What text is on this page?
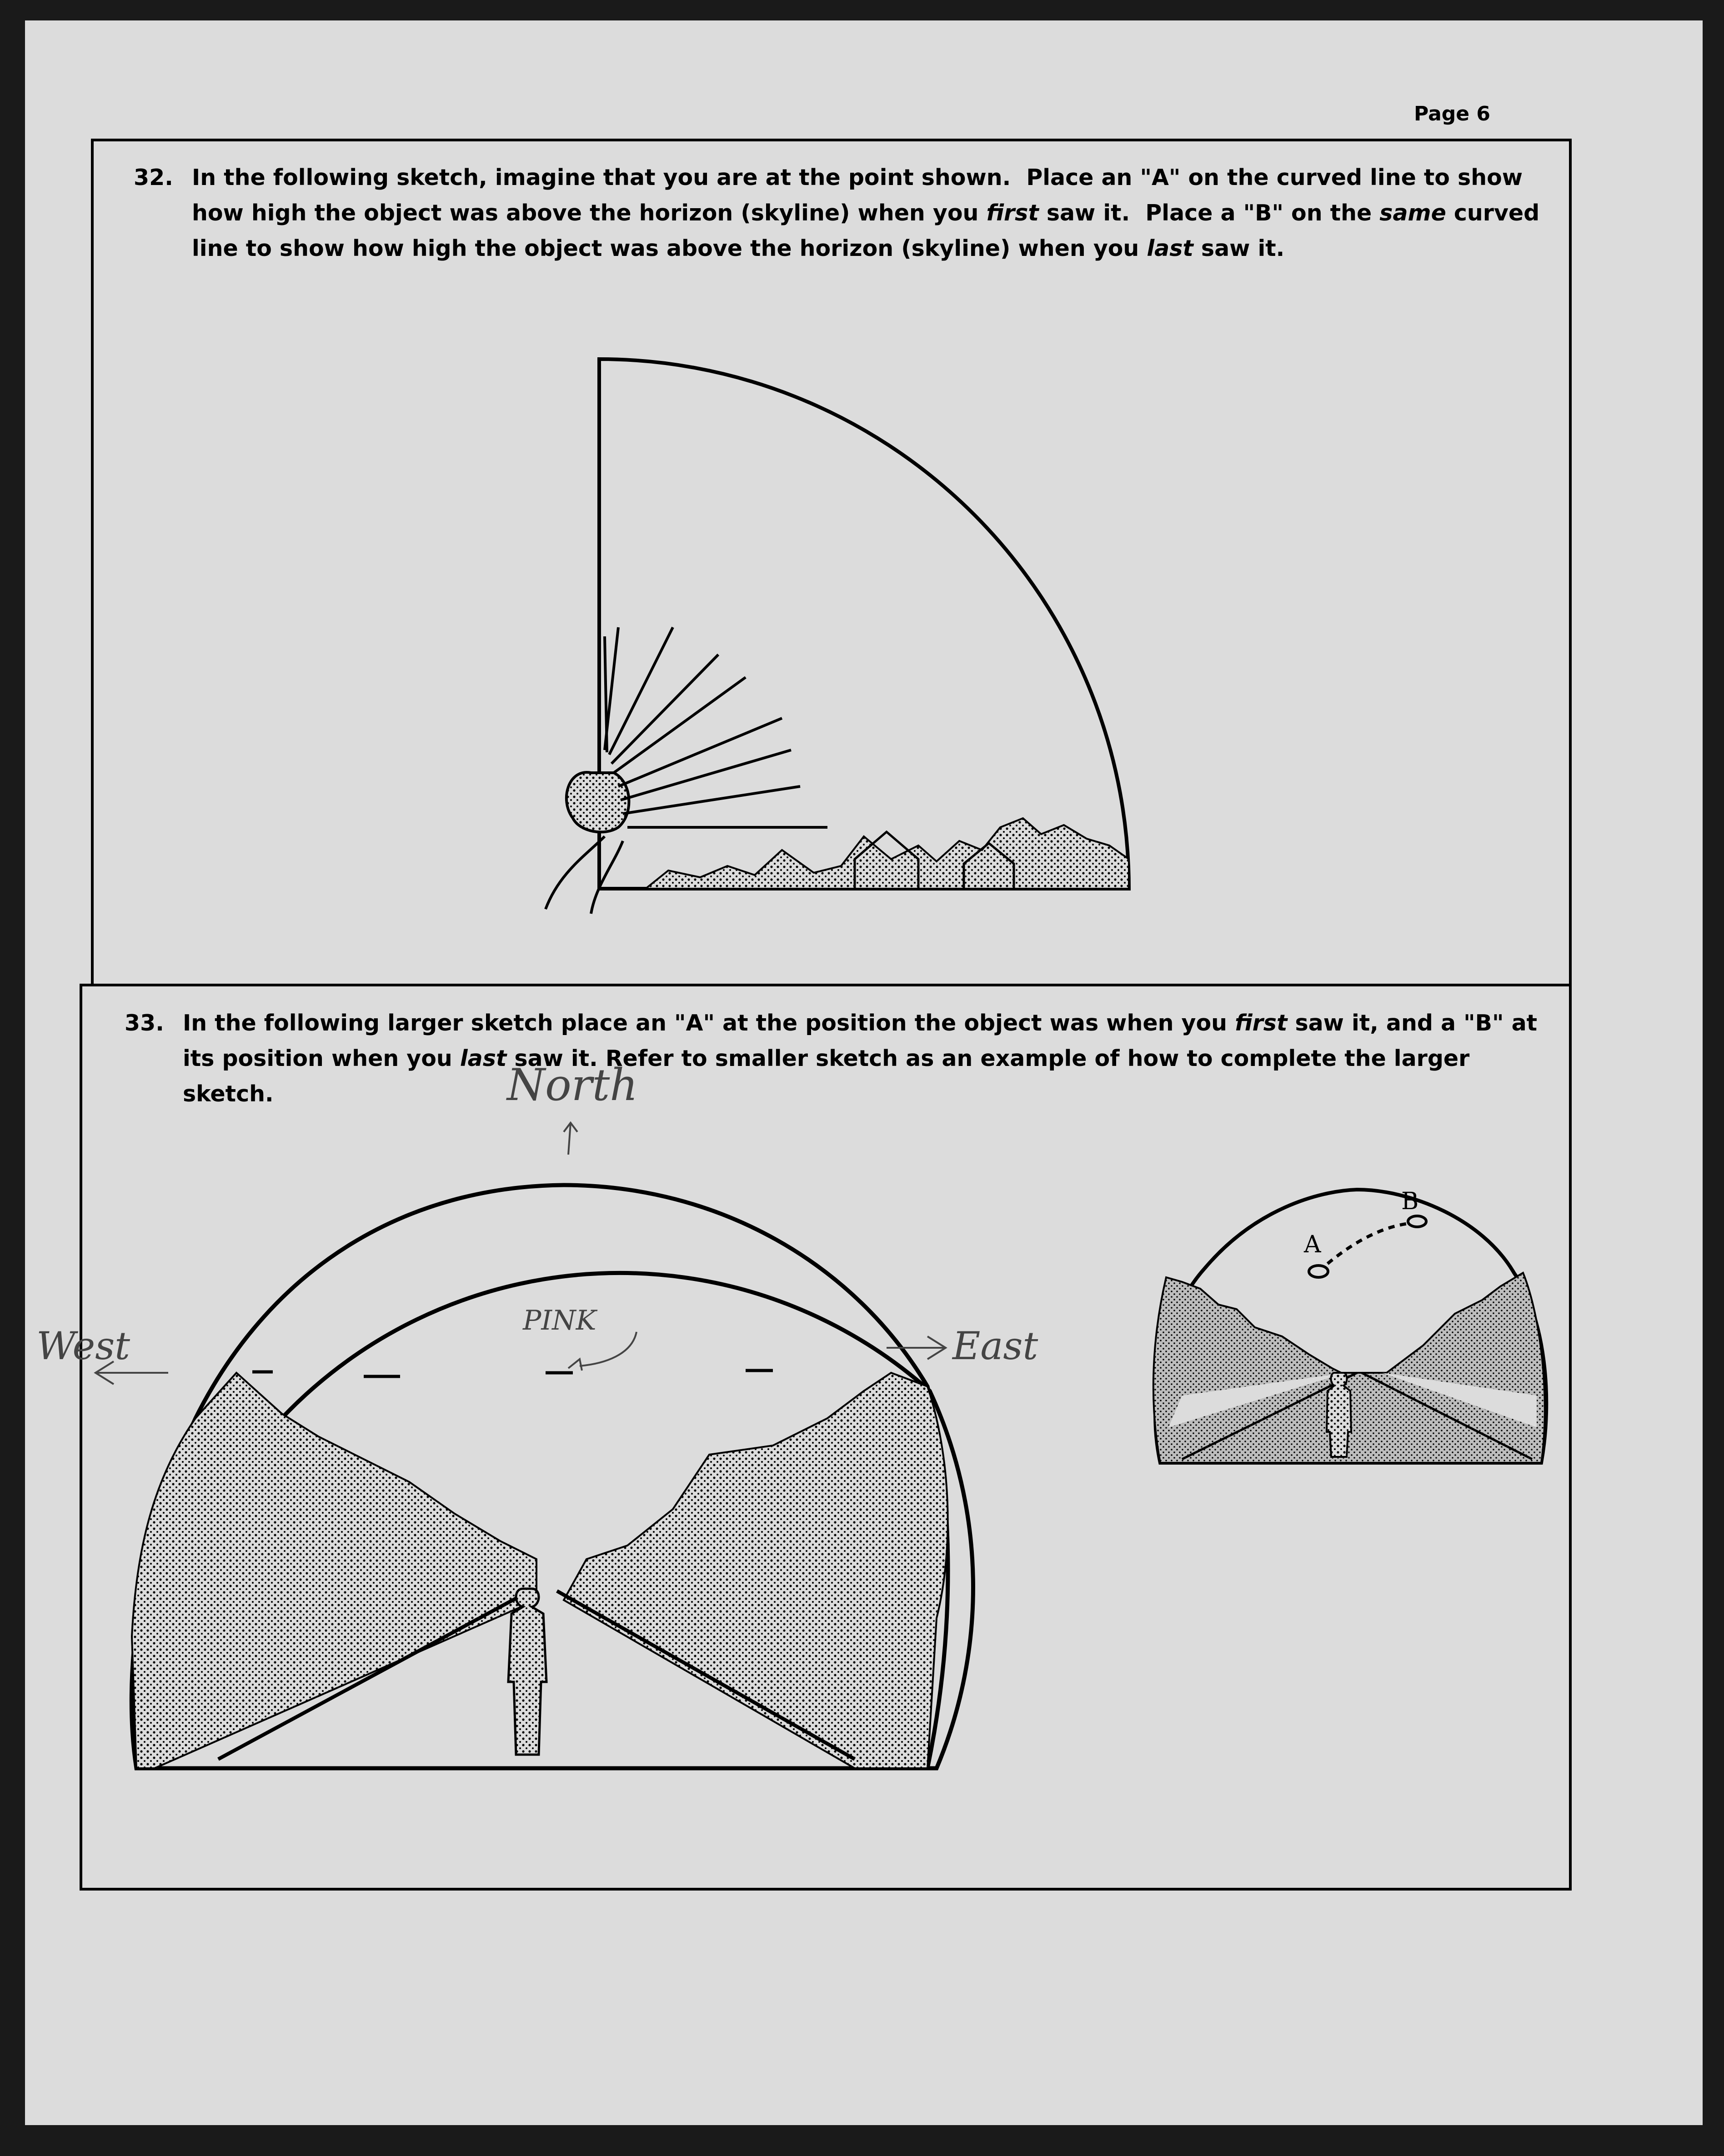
Page 6
32. In the following sketch, imagine that you are at the point shown. Place an "A" on the curved line to show how high the object was above the horizon (skyline) when you first saw it. Place a "B" on the same curved line to show how high the object was above the horizon (skyline) when you last saw it.
33. In the following larger sketch place an "A" at the position the object was when you first saw it, and a "B" at its position when you last saw it. Refer to smaller sketch as an example of how to complete the larger sketch.	North
West	East
PINK
A
B
